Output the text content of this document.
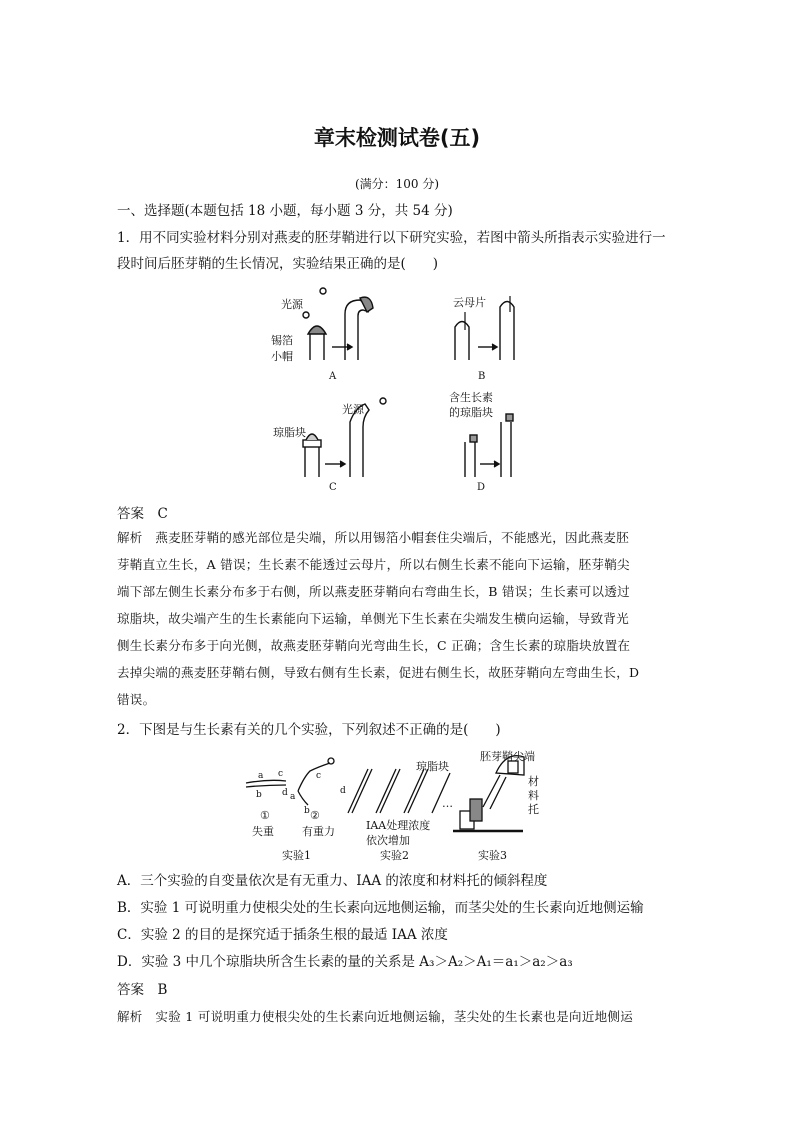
章末检测试卷(五)
(满分：100 分)
一、选择题(本题包括 18 小题，每小题 3 分，共 54 分)
1．用不同实验材料分别对燕麦的胚芽鞘进行以下研究实验，若图中箭头所指表示实验进行一
段时间后胚芽鞘的生长情况，实验结果正确的是(　　)
光源
锡箔
小帽
A
云母片
B
光源
琼脂块
C
含生长素
的琼脂块
D
答案　 C
解析　 燕麦胚芽鞘的感光部位是尖端，所以用锡箔小帽套住尖端后，不能感光，因此燕麦胚
芽鞘直立生长，A 错误；生长素不能透过云母片，所以右侧生长素不能向下运输，胚芽鞘尖
端下部左侧生长素分布多于右侧，所以燕麦胚芽鞘向右弯曲生长，B 错误；生长素可以透过
琼脂块，故尖端产生的生长素能向下运输，单侧光下生长素在尖端发生横向运输，导致背光
侧生长素分布多于向光侧，故燕麦胚芽鞘向光弯曲生长，C 正确；含生长素的琼脂块放置在
去掉尖端的燕麦胚芽鞘右侧，导致右侧有生长素，促进右侧生长，故胚芽鞘向左弯曲生长，D
错误。
2．下图是与生长素有关的几个实验，下列叙述不正确的是(　　)
a
b
c
d a
b
c
d
①	②
失重	有重力
实验1
…
IAA处理浓度
依次增加
实验2
琼脂块
胚芽鞘尖端
材
料
托
实验3
A．三个实验的自变量依次是有无重力、IAA 的浓度和材料托的倾斜程度
B．实验 1 可说明重力使根尖处的生长素向远地侧运输，而茎尖处的生长素向近地侧运输
C．实验 2 的目的是探究适于插条生根的最适 IAA 浓度
D．实验 3 中几个琼脂块所含生长素的量的关系是 A₃＞A₂＞A₁＝a₁＞a₂＞a₃
答案　 B
解析　 实验 1 可说明重力使根尖处的生长素向近地侧运输，茎尖处的生长素也是向近地侧运
